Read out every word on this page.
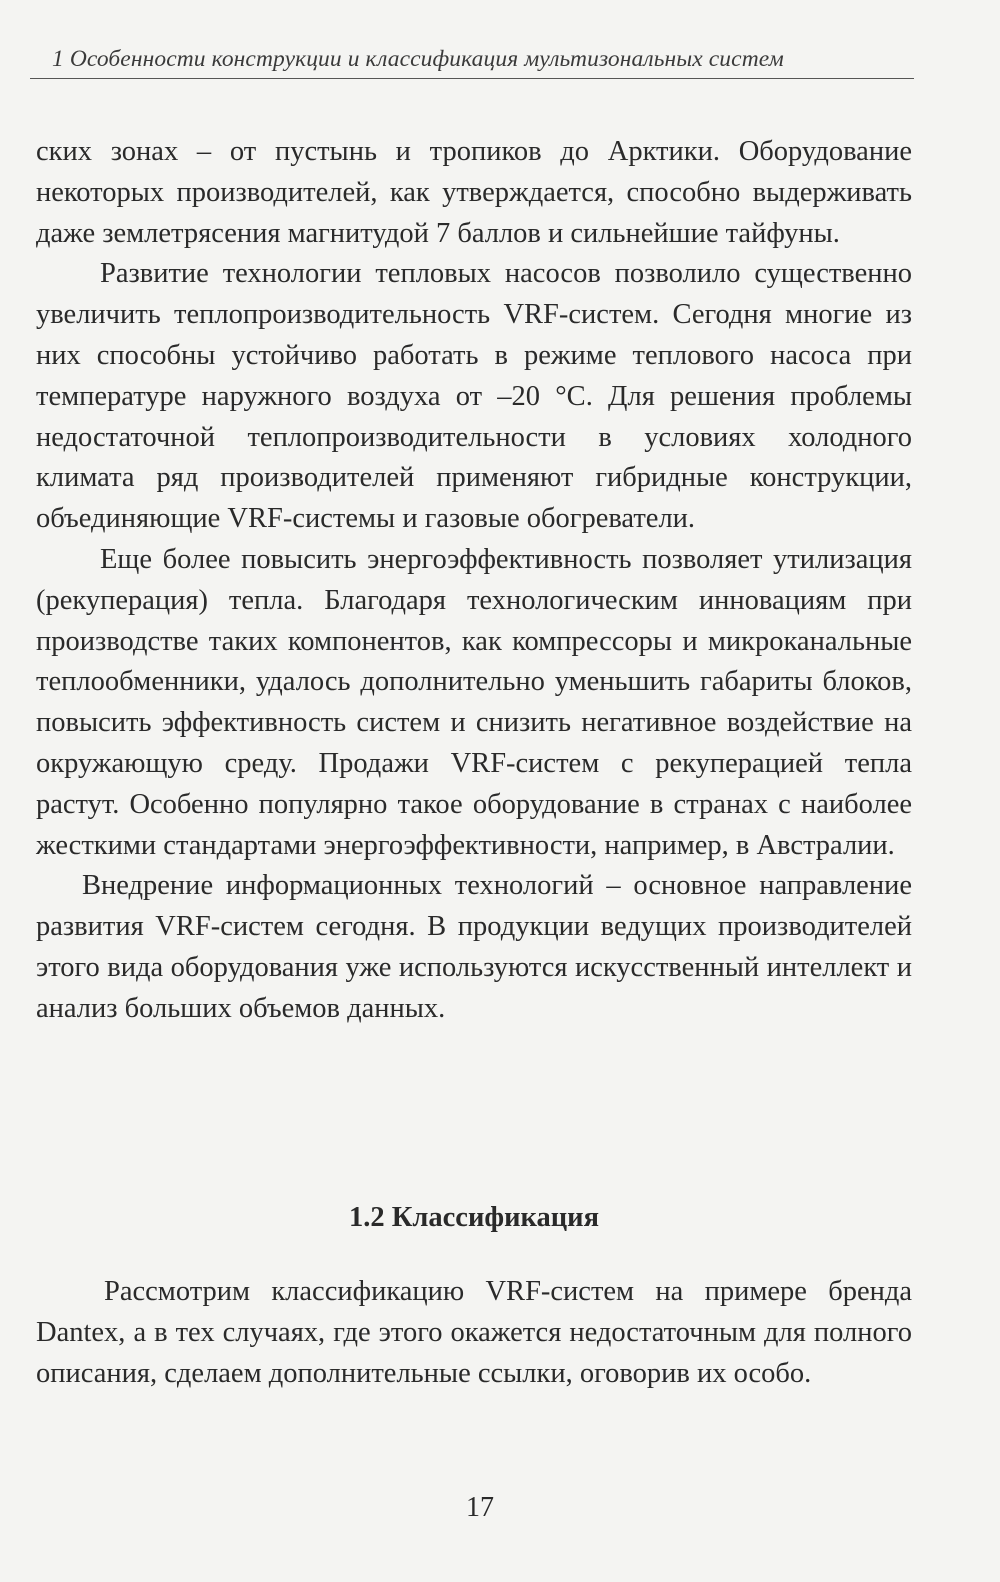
1 Особенности конструкции и классификация мультизональных систем

ских зонах – от пустынь и тропиков до Арктики. Оборудование некоторых производителей, как утверждается, способно выдерживать даже землетрясения магнитудой 7 баллов и сильнейшие тайфуны.

Развитие технологии тепловых насосов позволило существенно увеличить теплопроизводительность VRF-систем. Сегодня многие из них способны устойчиво работать в режиме теплового насоса при температуре наружного воздуха от –20 °С. Для решения проблемы недостаточной теплопроизводительности в условиях холодного климата ряд производителей применяют гибридные конструкции, объединяющие VRF-системы и газовые обогреватели.

Еще более повысить энергоэффективность позволяет утилизация (рекуперация) тепла. Благодаря технологическим инновациям при производстве таких компонентов, как компрессоры и микроканальные теплообменники, удалось дополнительно уменьшить габариты блоков, повысить эффективность систем и снизить негативное воздействие на окружающую среду. Продажи VRF-систем с рекуперацией тепла растут. Особенно популярно такое оборудование в странах с наиболее жесткими стандартами энергоэффективности, например, в Австралии.

Внедрение информационных технологий – основное направление развития VRF-систем сегодня. В продукции ведущих производителей этого вида оборудования уже используются искусственный интеллект и анализ больших объемов данных.

1.2 Классификация

Рассмотрим классификацию VRF-систем на примере бренда Dantex, а в тех случаях, где этого окажется недостаточным для полного описания, сделаем дополнительные ссылки, оговорив их особо.

17
